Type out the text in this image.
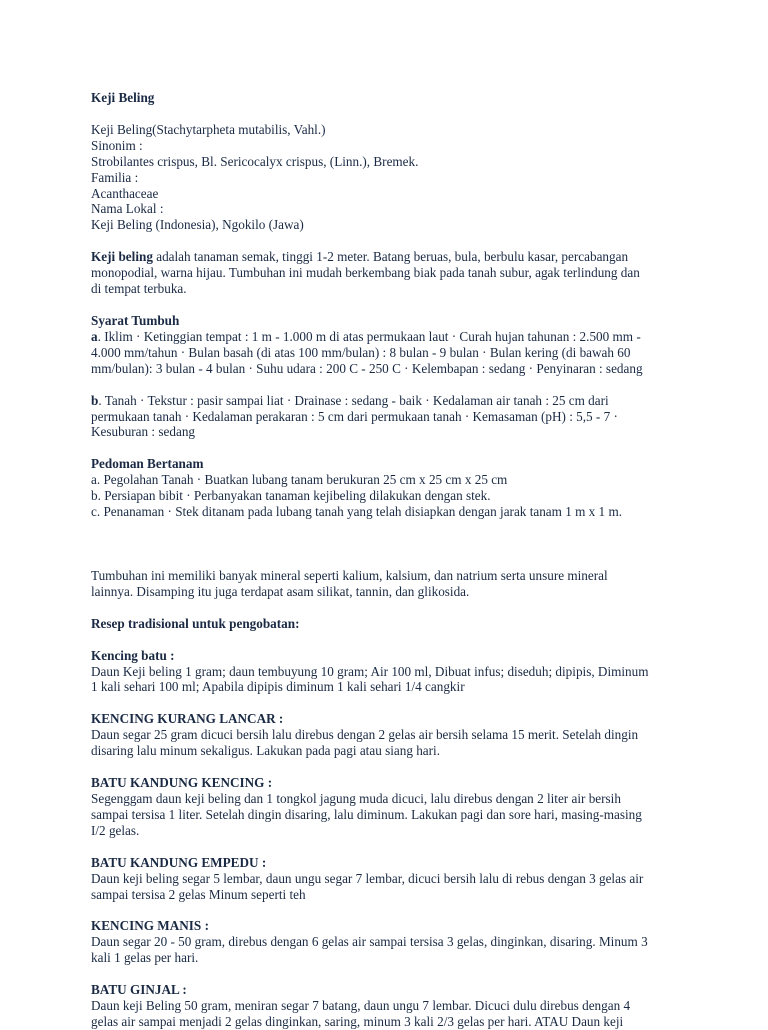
Keji Beling
Keji Beling(Stachytarpheta mutabilis, Vahl.)
Sinonim :
Strobilantes crispus, Bl. Sericocalyx crispus, (Linn.), Bremek.
Familia :
Acanthaceae
Nama Lokal :
Keji Beling (Indonesia), Ngokilo (Jawa)
Keji beling adalah tanaman semak, tinggi 1-2 meter. Batang beruas, bula, berbulu kasar, percabangan
monopodial, warna hijau. Tumbuhan ini mudah berkembang biak pada tanah subur, agak terlindung dan
di tempat terbuka.
Syarat Tumbuh
a. Iklim · Ketinggian tempat : 1 m - 1.000 m di atas permukaan laut · Curah hujan tahunan : 2.500 mm -
4.000 mm/tahun · Bulan basah (di atas 100 mm/bulan) : 8 bulan - 9 bulan · Bulan kering (di bawah 60
mm/bulan): 3 bulan - 4 bulan · Suhu udara : 200 C - 250 C · Kelembapan : sedang · Penyinaran : sedang
b. Tanah · Tekstur : pasir sampai liat · Drainase : sedang - baik · Kedalaman air tanah : 25 cm dari
permukaan tanah · Kedalaman perakaran : 5 cm dari permukaan tanah · Kemasaman (pH) : 5,5 - 7 ·
Kesuburan : sedang
Pedoman Bertanam
a. Pegolahan Tanah · Buatkan lubang tanam berukuran 25 cm x 25 cm x 25 cm
b. Persiapan bibit · Perbanyakan tanaman kejibeling dilakukan dengan stek.
c. Penanaman · Stek ditanam pada lubang tanah yang telah disiapkan dengan jarak tanam 1 m x 1 m.
Tumbuhan ini memiliki banyak mineral seperti kalium, kalsium, dan natrium serta unsure mineral
lainnya. Disamping itu juga terdapat asam silikat, tannin, dan glikosida.
Resep tradisional untuk pengobatan:
Kencing batu :
Daun Keji beling 1 gram; daun tembuyung 10 gram; Air 100 ml, Dibuat infus; diseduh; dipipis, Diminum
1 kali sehari 100 ml; Apabila dipipis diminum 1 kali sehari 1/4 cangkir
KENCING KURANG LANCAR :
Daun segar 25 gram dicuci bersih lalu direbus dengan 2 gelas air bersih selama 15 merit. Setelah dingin
disaring lalu minum sekaligus. Lakukan pada pagi atau siang hari.
BATU KANDUNG KENCING :
Segenggam daun keji beling dan 1 tongkol jagung muda dicuci, lalu direbus dengan 2 liter air bersih
sampai tersisa 1 liter. Setelah dingin disaring, lalu diminum. Lakukan pagi dan sore hari, masing-masing
I/2 gelas.
BATU KANDUNG EMPEDU :
Daun keji beling segar 5 lembar, daun ungu segar 7 lembar, dicuci bersih lalu di rebus dengan 3 gelas air
sampai tersisa 2 gelas Minum seperti teh
KENCING MANIS :
Daun segar 20 - 50 gram, direbus dengan 6 gelas air sampai tersisa 3 gelas, dinginkan, disaring. Minum 3
kali 1 gelas per hari.
BATU GINJAL :
Daun keji Beling 50 gram, meniran segar 7 batang, daun ungu 7 lembar. Dicuci dulu direbus dengan 4
gelas air sampai menjadi 2 gelas dinginkan, saring, minum 3 kali 2/3 gelas per hari. ATAU Daun keji
